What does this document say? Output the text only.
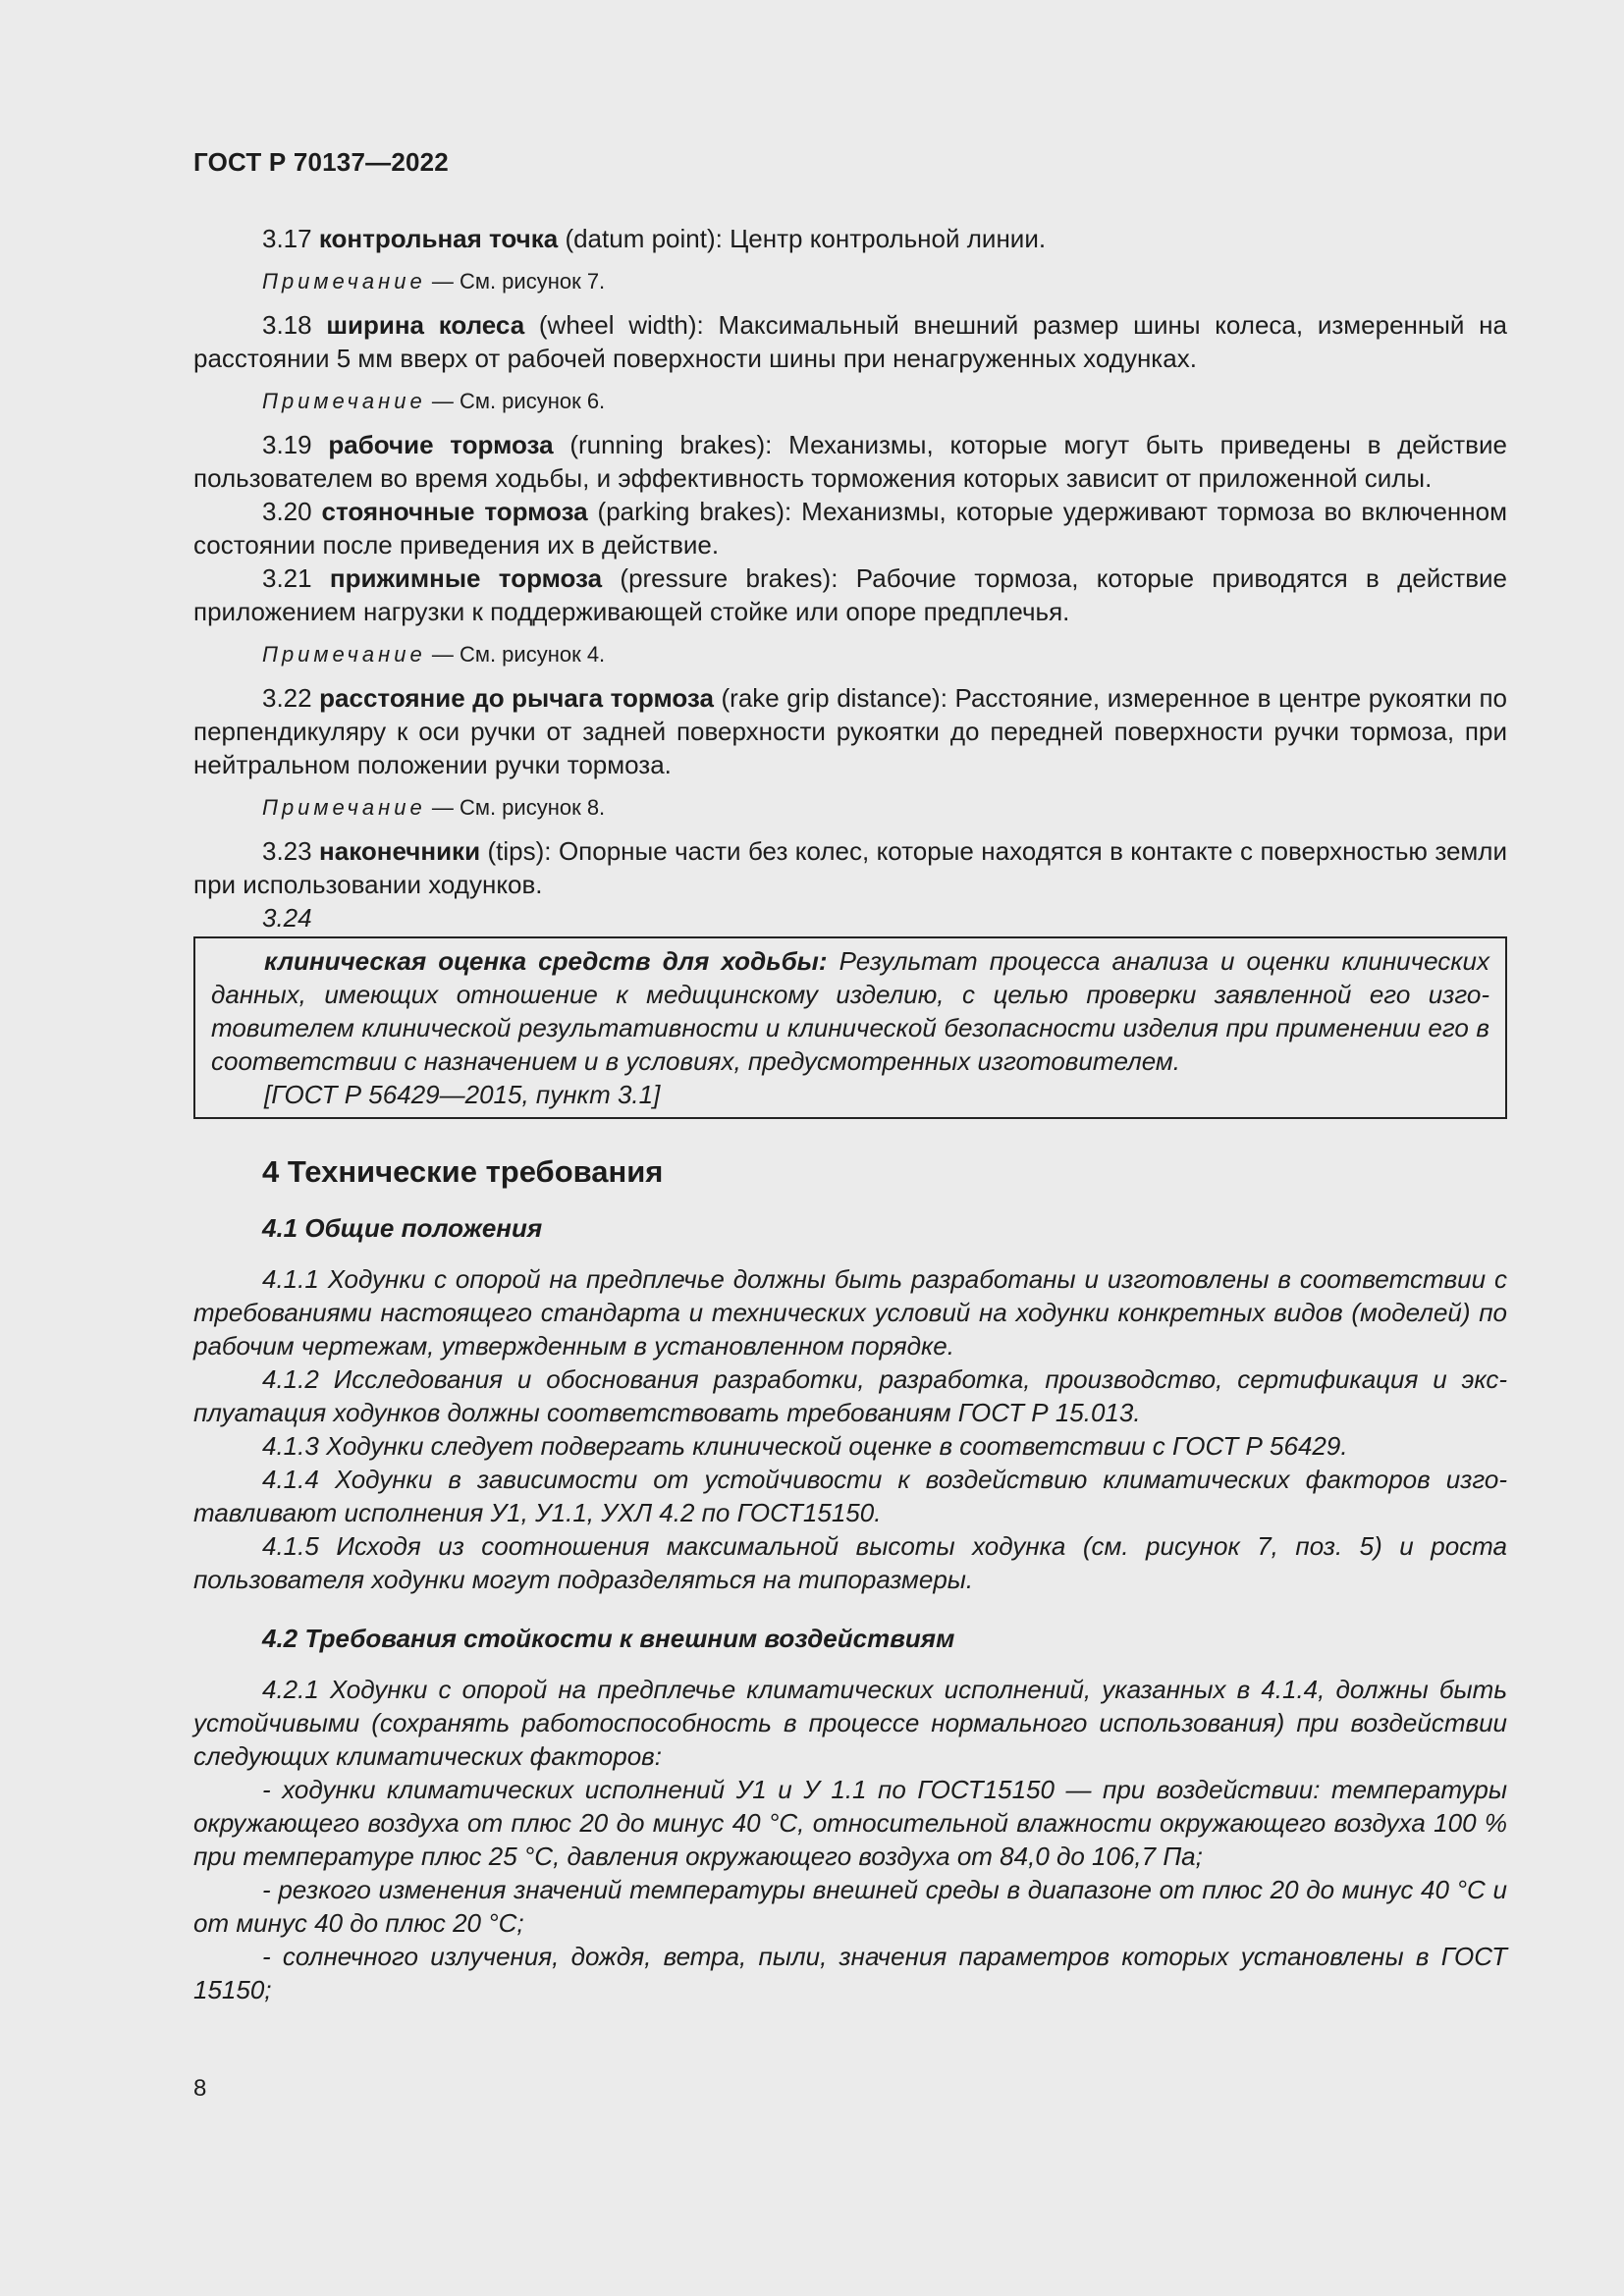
ГОСТ Р 70137—2022

3.17 контрольная точка (datum point): Центр контрольной линии.

Примечание — См. рисунок 7.

3.18 ширина колеса (wheel width): Максимальный внешний размер шины колеса, измеренный на расстоянии 5 мм вверх от рабочей поверхности шины при ненагруженных ходунках.

Примечание — См. рисунок 6.

3.19 рабочие тормоза (running brakes): Механизмы, которые могут быть приведены в действие пользователем во время ходьбы, и эффективность торможения которых зависит от приложенной силы.

3.20 стояночные тормоза (parking brakes): Механизмы, которые удерживают тормоза во включенном состоянии после приведения их в действие.

3.21 прижимные тормоза (pressure brakes): Рабочие тормоза, которые приводятся в действие приложением нагрузки к поддерживающей стойке или опоре предплечья.

Примечание — См. рисунок 4.

3.22 расстояние до рычага тормоза (rake grip distance): Расстояние, измеренное в центре рукоятки по перпендикуляру к оси ручки от задней поверхности рукоятки до передней поверхности ручки тормоза, при нейтральном положении ручки тормоза.

Примечание — См. рисунок 8.

3.23 наконечники (tips): Опорные части без колес, которые находятся в контакте с поверхностью земли при использовании ходунков.

3.24

клиническая оценка средств для ходьбы: Результат процесса анализа и оценки клинических данных, имеющих отношение к медицинскому изделию, с целью проверки заявленной его изготовителем клинической результативности и клинической безопасности изделия при применении его в соответствии с назначением и в условиях, предусмотренных изготовителем.

[ГОСТ Р 56429—2015, пункт 3.1]

4 Технические требования
4.1 Общие положения

4.1.1 Ходунки с опорой на предплечье должны быть разработаны и изготовлены в соответствии с требованиями настоящего стандарта и технических условий на ходунки конкретных видов (моделей) по рабочим чертежам, утвержденным в установленном порядке.

4.1.2 Исследования и обоснования разработки, разработка, производство, сертификация и эксплуатация ходунков должны соответствовать требованиям ГОСТ Р 15.013.

4.1.3 Ходунки следует подвергать клинической оценке в соответствии с ГОСТ Р 56429.

4.1.4 Ходунки в зависимости от устойчивости к воздействию климатических факторов изготавливают исполнения У1, У1.1, УХЛ 4.2 по ГОСТ15150.

4.1.5 Исходя из соотношения максимальной высоты ходунка (см. рисунок 7, поз. 5) и роста пользователя ходунки могут подразделяться на типоразмеры.

4.2 Требования стойкости к внешним воздействиям

4.2.1 Ходунки с опорой на предплечье климатических исполнений, указанных в 4.1.4, должны быть устойчивыми (сохранять работоспособность в процессе нормального использования) при воздействии следующих климатических факторов:

- ходунки климатических исполнений У1 и У 1.1 по ГОСТ15150 — при воздействии: температуры окружающего воздуха от плюс 20 до минус 40 °C, относительной влажности окружающего воздуха 100 % при температуре плюс 25 °C, давления окружающего воздуха от 84,0 до 106,7 Па;

- резкого изменения значений температуры внешней среды в диапазоне от плюс 20 до минус 40 °C и от минус 40 до плюс 20 °C;

- солнечного излучения, дождя, ветра, пыли, значения параметров которых установлены в ГОСТ 15150;

8
